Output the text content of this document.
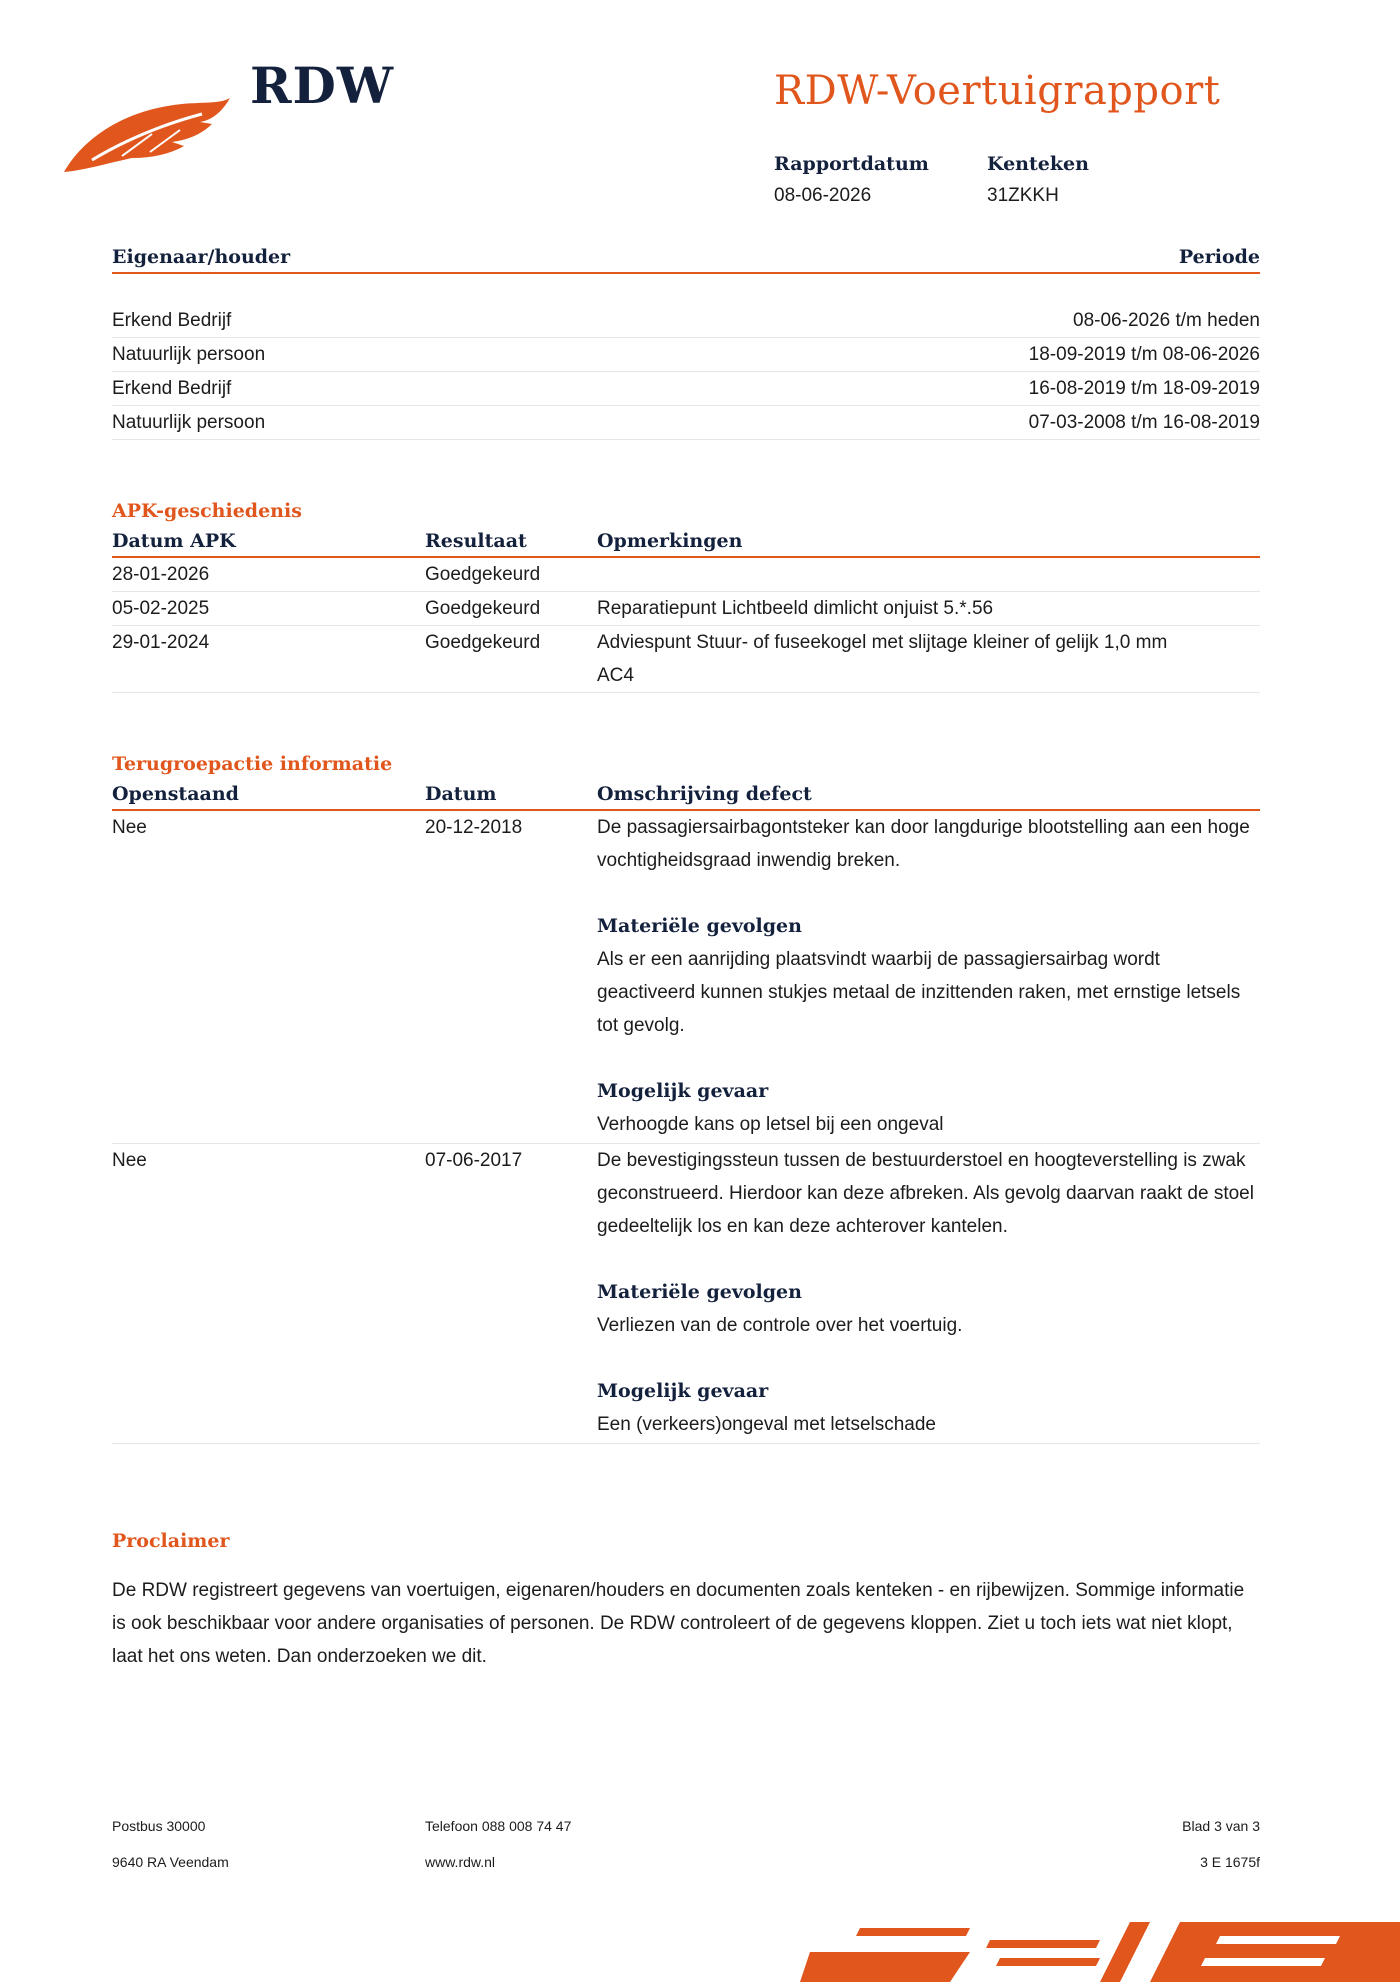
RDW	RDW-Voertuigrapport
Rapportdatum
08-06-2026
Kenteken
31ZKKH
Eigenaar/houder	Periode
Erkend Bedrijf	08-06-2026 t/m heden
Natuurlijk persoon	18-09-2019 t/m 08-06-2026
Erkend Bedrijf	16-08-2019 t/m 18-09-2019
Natuurlijk persoon	07-03-2008 t/m 16-08-2019
APK-geschiedenis
Datum APK	Resultaat	Opmerkingen
28-01-2026	Goedgekeurd
05-02-2025	Goedgekeurd	Reparatiepunt Lichtbeeld dimlicht onjuist 5.*.56
29-01-2024	Goedgekeurd	Adviespunt Stuur- of fuseekogel met slijtage kleiner of gelijk 1,0 mm AC4
Terugroepactie informatie
Openstaand	Datum	Omschrijving defect
Nee	20-12-2018	De passagiersairbagontsteker kan door langdurige blootstelling aan een hoge vochtigheidsgraad inwendig breken.
Materiële gevolgen
Als er een aanrijding plaatsvindt waarbij de passagiersairbag wordt geactiveerd kunnen stukjes metaal de inzittenden raken, met ernstige letsels tot gevolg.
Mogelijk gevaar
Verhoogde kans op letsel bij een ongeval
Nee	07-06-2017	De bevestigingssteun tussen de bestuurderstoel en hoogteverstelling is zwak geconstrueerd. Hierdoor kan deze afbreken. Als gevolg daarvan raakt de stoel gedeeltelijk los en kan deze achterover kantelen.
Materiële gevolgen
Verliezen van de controle over het voertuig.
Mogelijk gevaar
Een (verkeers)ongeval met letselschade
Proclaimer

De RDW registreert gegevens van voertuigen, eigenaren/houders en documenten zoals kenteken - en rijbewijzen. Sommige informatie is ook beschikbaar voor andere organisaties of personen. De RDW controleert of de gegevens kloppen. Ziet u toch iets wat niet klopt, laat het ons weten. Dan onderzoeken we dit.

Postbus 30000
9640 RA Veendam
Telefoon 088 008 74 47
www.rdw.nl
Blad 3 van 3
3 E 1675f
